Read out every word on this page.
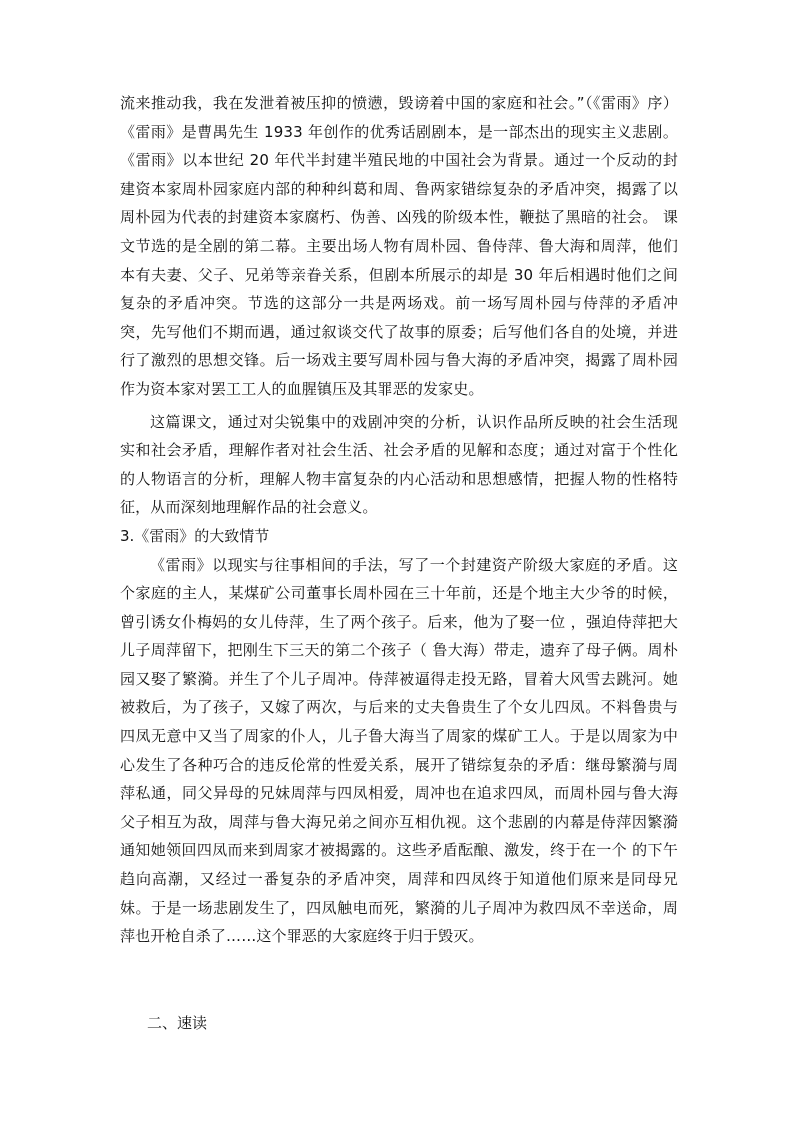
流来推动我，我在发泄着被压抑的愤懑，毁谤着中国的家庭和社会。”（《雷雨》序）《雷雨》是曹禺先生 1933 年创作的优秀话剧剧本，是一部杰出的现实主义悲剧。《雷雨》以本世纪 20 年代半封建半殖民地的中国社会为背景。通过一个反动的封建资本家周朴园家庭内部的种种纠葛和周、鲁两家错综复杂的矛盾冲突，揭露了以周朴园为代表的封建资本家腐朽、伪善、凶残的阶级本性，鞭挞了黑暗的社会。 课文节选的是全剧的第二幕。主要出场人物有周朴园、鲁侍萍、鲁大海和周萍，他们本有夫妻、父子、兄弟等亲眷关系，但剧本所展示的却是 30 年后相遇时他们之间复杂的矛盾冲突。节选的这部分一共是两场戏。前一场写周朴园与侍萍的矛盾冲突，先写他们不期而遇，通过叙谈交代了故事的原委；后写他们各自的处境，并进行了激烈的思想交锋。后一场戏主要写周朴园与鲁大海的矛盾冲突，揭露了周朴园作为资本家对罢工工人的血腥镇压及其罪恶的发家史。

这篇课文，通过对尖锐集中的戏剧冲突的分析，认识作品所反映的社会生活现实和社会矛盾，理解作者对社会生活、社会矛盾的见解和态度；通过对富于个性化的人物语言的分析，理解人物丰富复杂的内心活动和思想感情，把握人物的性格特征，从而深刻地理解作品的社会意义。

3.《雷雨》的大致情节

《雷雨》以现实与往事相间的手法，写了一个封建资产阶级大家庭的矛盾。这个家庭的主人，某煤矿公司董事长周朴园在三十年前，还是个地主大少爷的时候，曾引诱女仆梅妈的女儿侍萍，生了两个孩子。后来，他为了娶一位 ，强迫侍萍把大儿子周萍留下，把刚生下三天的第二个孩子（ 鲁大海）带走，遗弃了母子俩。周朴园又娶了繁漪。并生了个儿子周冲。侍萍被逼得走投无路，冒着大风雪去跳河。她被救后，为了孩子，又嫁了两次，与后来的丈夫鲁贵生了个女儿四凤。不料鲁贵与四凤无意中又当了周家的仆人，儿子鲁大海当了周家的煤矿工人。于是以周家为中心发生了各种巧合的违反伦常的性爱关系，展开了错综复杂的矛盾：继母繁漪与周萍私通，同父异母的兄妹周萍与四凤相爱，周冲也在追求四凤，而周朴园与鲁大海父子相互为敌，周萍与鲁大海兄弟之间亦互相仇视。这个悲剧的内幕是侍萍因繁漪通知她领回四凤而来到周家才被揭露的。这些矛盾酝酿、激发，终于在一个 的下午趋向高潮，又经过一番复杂的矛盾冲突，周萍和四凤终于知道他们原来是同母兄妹。于是一场悲剧发生了，四凤触电而死，繁漪的儿子周冲为救四凤不幸送命，周萍也开枪自杀了……这个罪恶的大家庭终于归于毁灭。

二、速读
